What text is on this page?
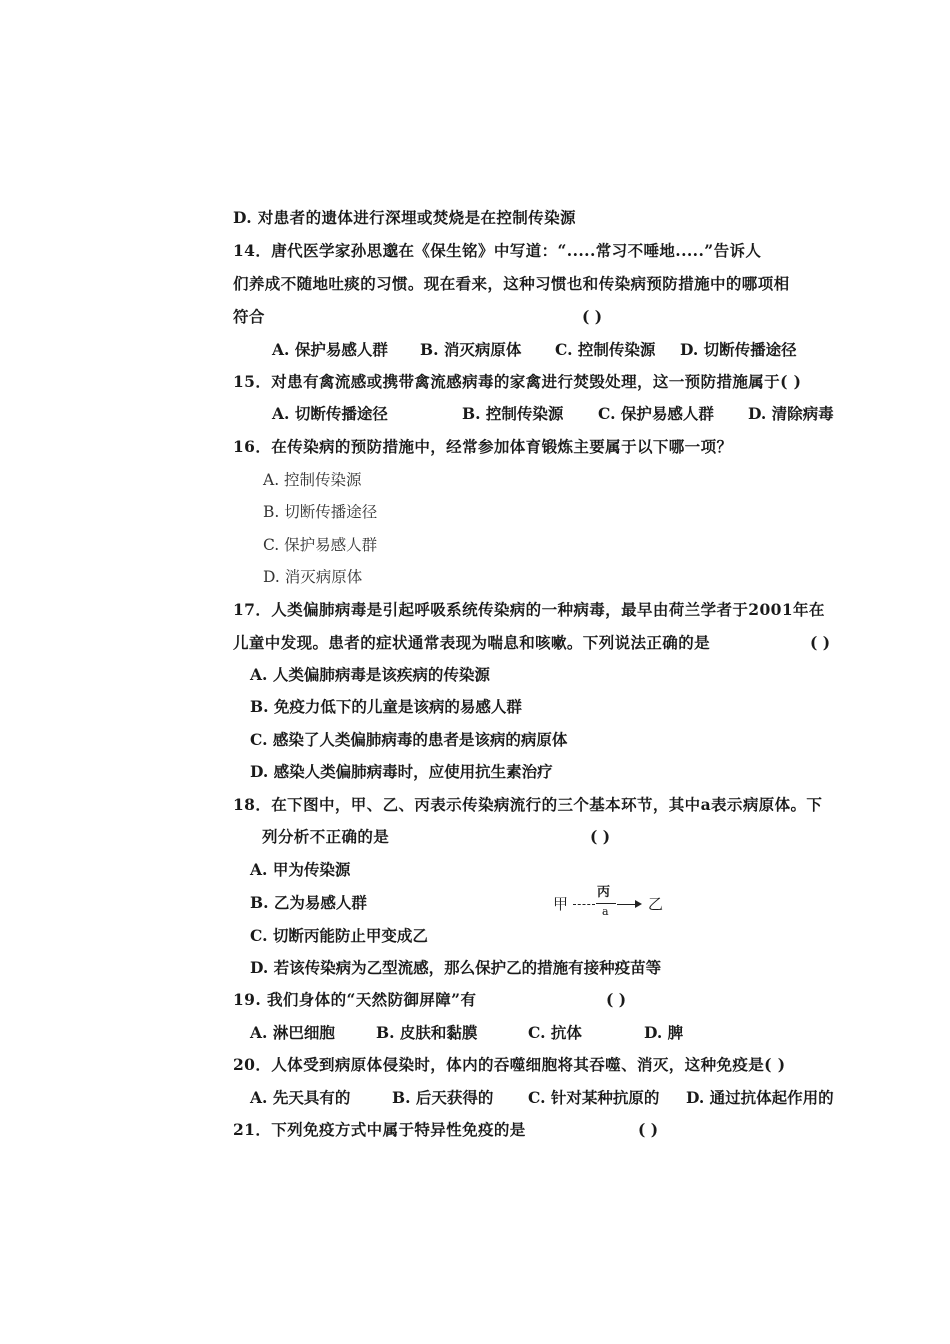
D. 对患者的遗体进行深埋或焚烧是在控制传染源
14．唐代医学家孙思邈在《保生铭》中写道：“.....常习不唾地.....”告诉人
们养成不随地吐痰的习惯。现在看来，这种习惯也和传染病预防措施中的哪项相
符合	( )
A. 保护易感人群 B. 消灭病原体 C. 控制传染源 D. 切断传播途径
15．对患有禽流感或携带禽流感病毒的家禽进行焚毁处理，这一预防措施属于( )
A. 切断传播途径	B. 控制传染源 C. 保护易感人群 D. 清除病毒
16．在传染病的预防措施中，经常参加体育锻炼主要属于以下哪一项？
A. 控制传染源
B. 切断传播途径
C. 保护易感人群
D. 消灭病原体
17．人类偏肺病毒是引起呼吸系统传染病的一种病毒，最早由荷兰学者于2001年在
儿童中发现。患者的症状通常表现为喘息和咳嗽。下列说法正确的是	( )
A. 人类偏肺病毒是该疾病的传染源
B. 免疫力低下的儿童是该病的易感人群
C. 感染了人类偏肺病毒的患者是该病的病原体
D. 感染人类偏肺病毒时，应使用抗生素治疗
18．在下图中，甲、乙、丙表示传染病流行的三个基本环节，其中a表示病原体。下
列分析不正确的是	( )
A. 甲为传染源
B. 乙为易感人群
C. 切断丙能防止甲变成乙
D. 若该传染病为乙型流感，那么保护乙的措施有接种疫苗等
甲
丙
a	乙
19. 我们身体的“天然防御屏障”有	( )
A. 淋巴细胞	B. 皮肤和黏膜	C. 抗体	D. 脾
20．人体受到病原体侵染时，体内的吞噬细胞将其吞噬、消灭，这种免疫是( )
A. 先天具有的	B. 后天获得的 C. 针对某种抗原的 D. 通过抗体起作用的
21．下列免疫方式中属于特异性免疫的是	( )
